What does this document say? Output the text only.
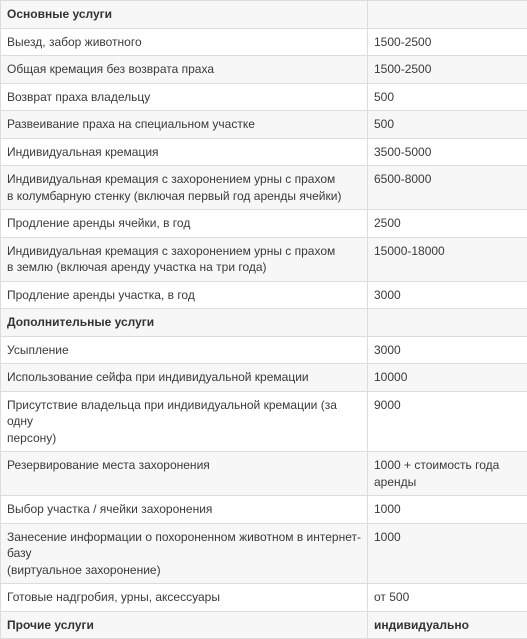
Основные услуги	
Выезд, забор животного	1500-2500
Общая кремация без возврата праха	1500-2500
Возврат праха владельцу	500
Развеивание праха на специальном участке	500
Индивидуальная кремация	3500-5000
Индивидуальная кремация с захоронением урны с прахом
в колумбарную стенку (включая первый год аренды ячейки)	6500-8000
Продление аренды ячейки, в год	2500
Индивидуальная кремация с захоронением урны с прахом
в землю (включая аренду участка на три года)	15000-18000
Продление аренды участка, в год	3000
Дополнительные услуги	
Усыпление	3000
Использование сейфа при индивидуальной кремации	10000
Присутствие владельца при индивидуальной кремации (за одну
персону)	9000
Резервирование места захоронения	1000 + стоимость года
аренды
Выбор участка / ячейки захоронения	1000
Занесение информации о похороненном животном в интернет-
базу
(виртуальное захоронение)	1000
Готовые надгробия, урны, аксессуары	от 500
Прочие услуги	индивидуально
